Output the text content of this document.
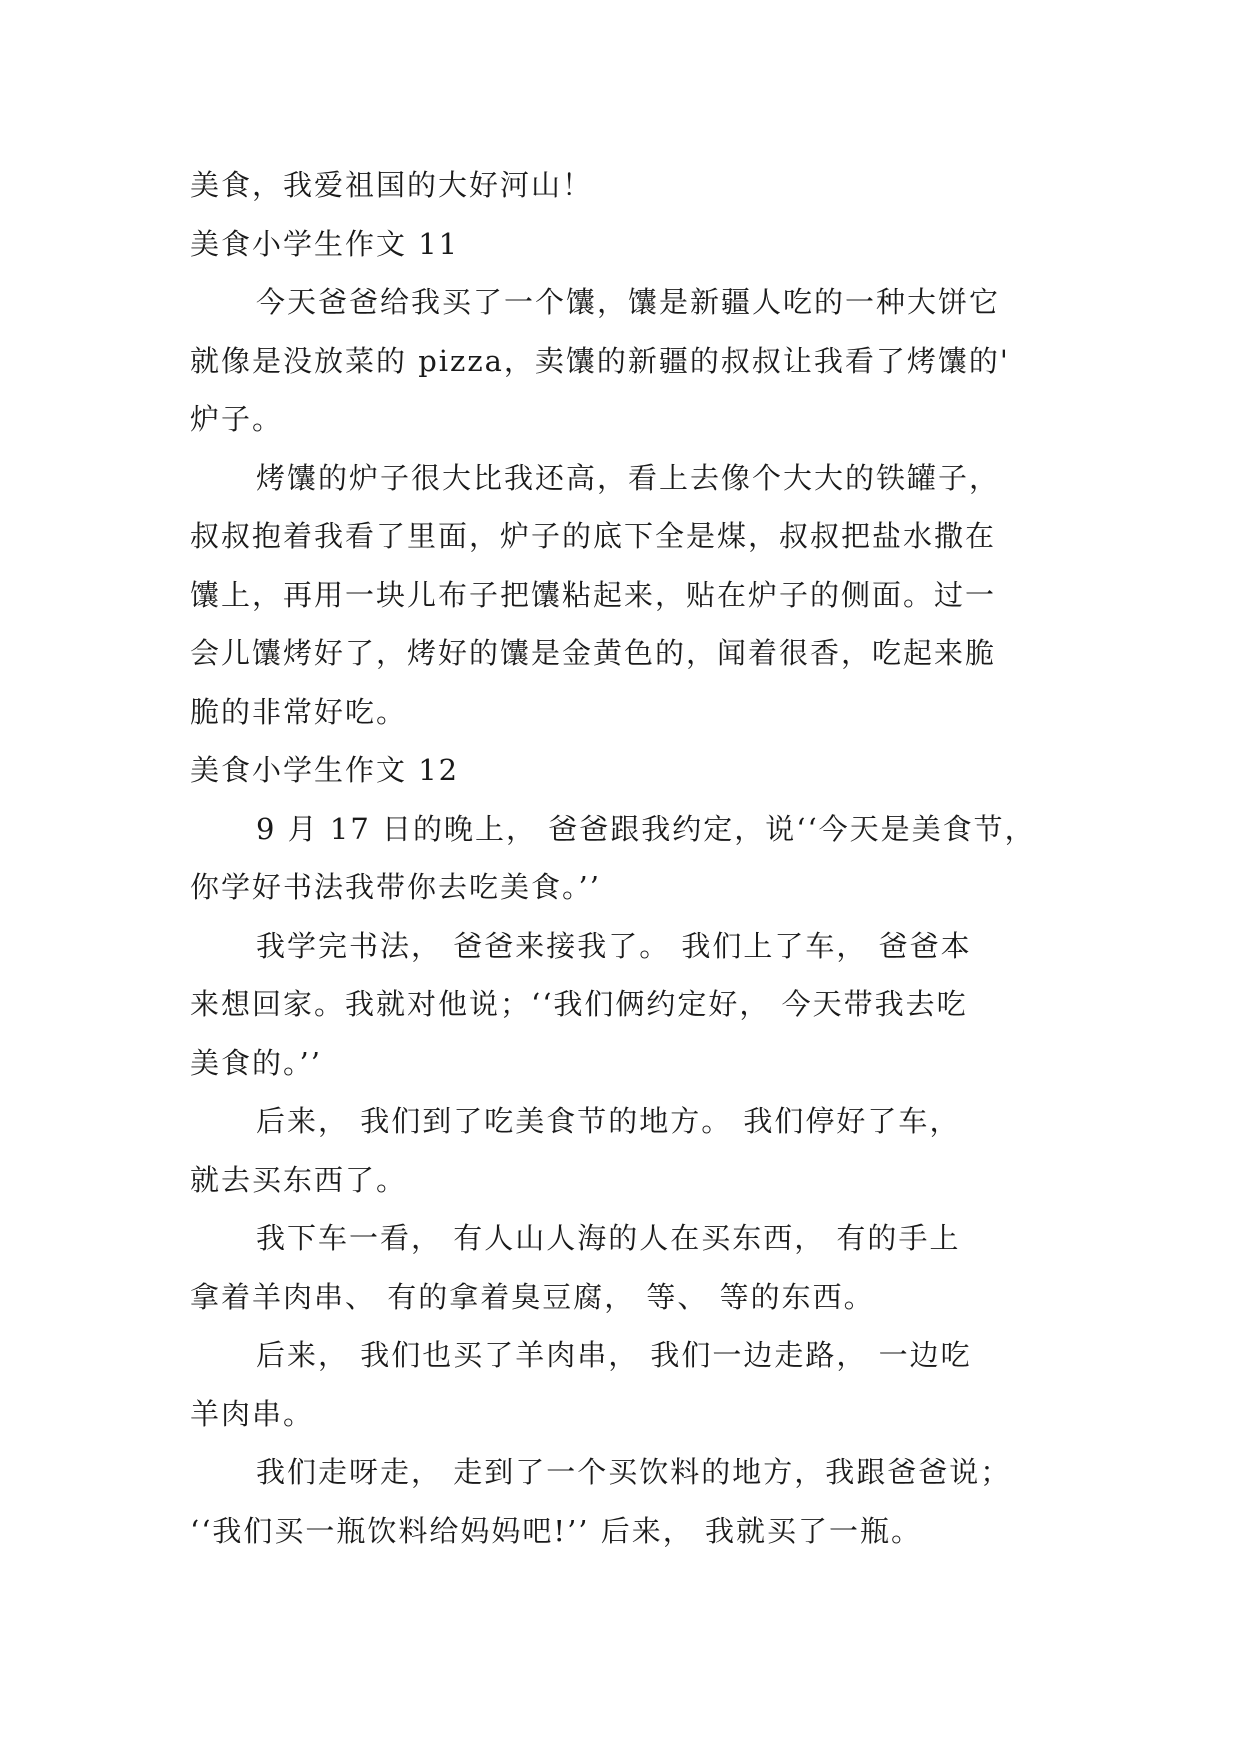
美食，我爱祖国的大好河山！

美食小学生作文 11

今天爸爸给我买了一个馕，馕是新疆人吃的一种大饼它

就像是没放菜的 pizza，卖馕的新疆的叔叔让我看了烤馕的'

炉子。

烤馕的炉子很大比我还高，看上去像个大大的铁罐子，

叔叔抱着我看了里面，炉子的底下全是煤，叔叔把盐水撒在

馕上，再用一块儿布子把馕粘起来，贴在炉子的侧面。过一

会儿馕烤好了，烤好的馕是金黄色的，闻着很香，吃起来脆

脆的非常好吃。

美食小学生作文 12

9 月 17 日的晚上， 爸爸跟我约定，说‘‘今天是美食节，

你学好书法我带你去吃美食。’’

我学完书法， 爸爸来接我了。 我们上了车， 爸爸本

来想回家。我就对他说；‘‘我们俩约定好， 今天带我去吃

美食的。’’

后来， 我们到了吃美食节的地方。 我们停好了车，

就去买东西了。

我下车一看， 有人山人海的人在买东西， 有的手上

拿着羊肉串、 有的拿着臭豆腐， 等、 等的东西。

后来， 我们也买了羊肉串， 我们一边走路， 一边吃

羊肉串。

我们走呀走， 走到了一个买饮料的地方，我跟爸爸说；

‘‘我们买一瓶饮料给妈妈吧!’’ 后来， 我就买了一瓶。
